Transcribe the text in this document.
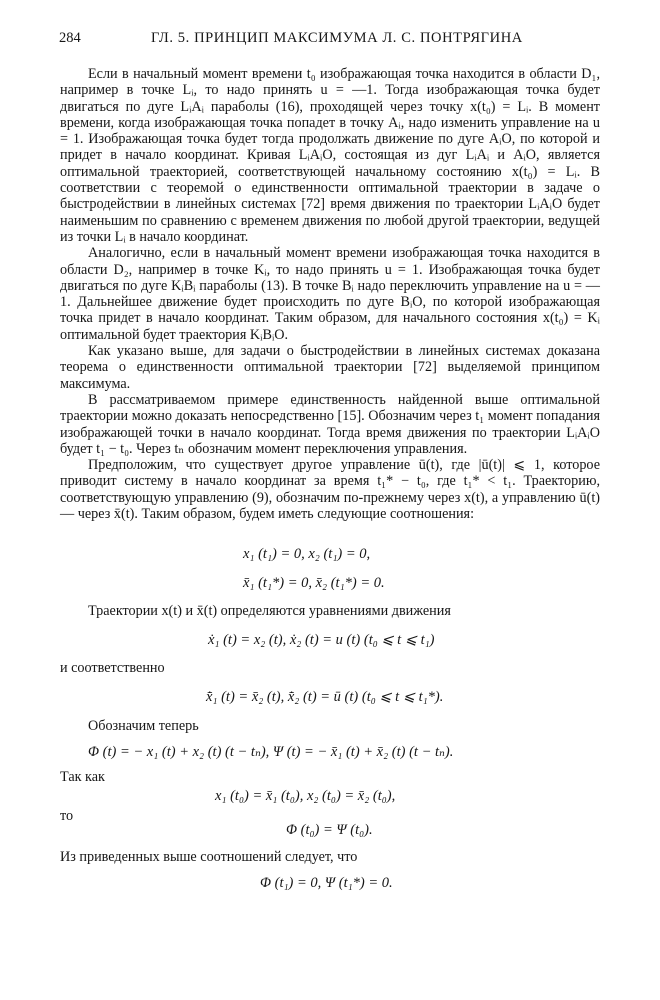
284	ГЛ. 5. ПРИНЦИП МАКСИМУМА Л. С. ПОНТРЯГИНА

Если в начальный момент времени t₀ изображающая точка находится в области D₁, например в точке Lᵢ, то надо принять u = —1. Тогда изображающая точка будет двигаться по дуге LᵢAᵢ параболы (16), проходящей через точку x(t₀) = Lᵢ. В момент времени, когда изображающая точка попадет в точку Aᵢ, надо изменить управление на u = 1. Изображающая точка будет тогда продолжать движение по дуге AᵢO, по которой и придет в начало координат. Кривая LᵢAᵢO, состоящая из дуг LᵢAᵢ и AᵢO, является оптимальной траекторией, соответствующей начальному состоянию x(t₀) = Lᵢ. В соответствии с теоремой о единственности оптимальной траектории в задаче о быстродействии в линейных системах [72] время движения по траектории LᵢAᵢO будет наименьшим по сравнению с временем движения по любой другой траектории, ведущей из точки Lᵢ в начало координат.

Аналогично, если в начальный момент времени изображающая точка находится в области D₂, например в точке Kᵢ, то надо принять u = 1. Изображающая точка будет двигаться по дуге KᵢBᵢ параболы (13). В точке Bᵢ надо переключить управление на u = —1. Дальнейшее движение будет происходить по дуге BᵢO, по которой изображающая точка придет в начало координат. Таким образом, для начального состояния x(t₀) = Kᵢ оптимальной будет траектория KᵢBᵢO.

Как указано выше, для задачи о быстродействии в линейных системах доказана теорема о единственности оптимальной траектории [72] выделяемой принципом максимума.

В рассматриваемом примере единственность найденной выше оптимальной траектории можно доказать непосредственно [15]. Обозначим через t₁ момент попадания изображающей точки в начало координат. Тогда время движения по траектории LᵢAᵢO будет t₁ − t₀. Через tₙ обозначим момент переключения управления.

Предположим, что существует другое управление ū(t), где |ū(t)| ⩽ 1, которое приводит систему в начало координат за время t₁* − t₀, где t₁* < t₁. Траекторию, соответствующую управлению (9), обозначим по-прежнему через x(t), а управлению ū(t) — через x̄(t). Таким образом, будем иметь следующие соотношения:

x₁ (t₁) = 0, x₂ (t₁) = 0,
x̄₁ (t₁*) = 0, x̄₂ (t₁*) = 0.
Траектории x(t) и x̄(t) определяются уравнениями движения
ẋ₁ (t) = x₂ (t), ẋ₂ (t) = u (t) (t₀ ⩽ t ⩽ t₁)
и соответственно
x̄̇₁ (t) = x̄₂ (t), x̄̇₂ (t) = ū (t) (t₀ ⩽ t ⩽ t₁*).
Обозначим теперь
Φ (t) = − x₁ (t) + x₂ (t) (t − tₙ), Ψ (t) = − x̄₁ (t) + x̄₂ (t) (t − tₙ).
Так как
x₁ (t₀) = x̄₁ (t₀), x₂ (t₀) = x̄₂ (t₀),
то
Φ (t₀) = Ψ (t₀).
Из приведенных выше соотношений следует, что
Φ (t₁) = 0, Ψ (t₁*) = 0.
